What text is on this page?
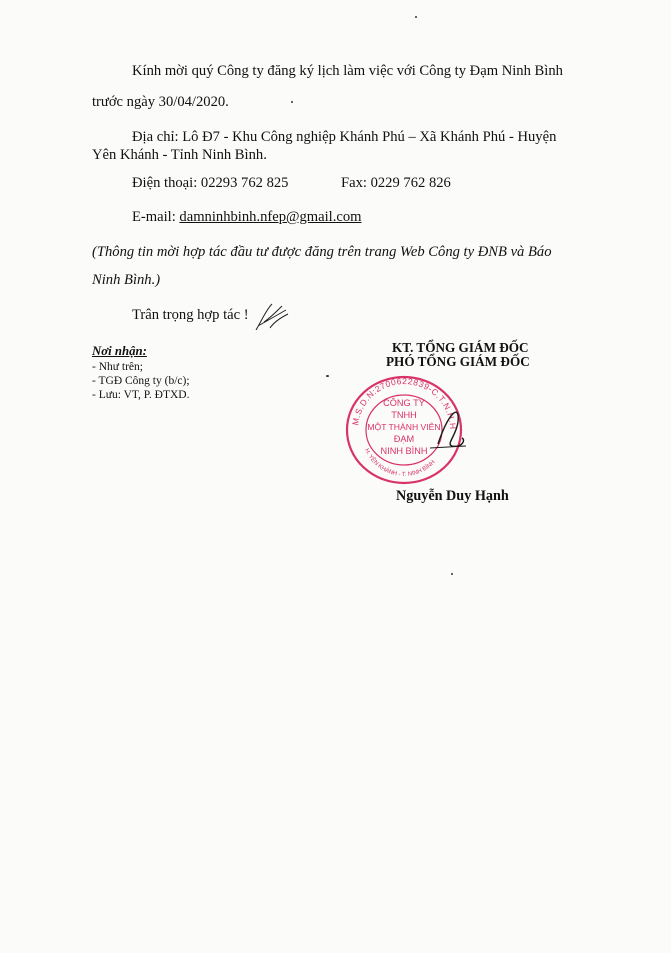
Kính mời quý Công ty đăng ký lịch làm việc với Công ty Đạm Ninh Bình
trước ngày 30/04/2020.
Địa chỉ: Lô Đ7 - Khu Công nghiệp Khánh Phú – Xã Khánh Phú - Huyện
Yên Khánh - Tỉnh Ninh Bình.
Điện thoại: 02293 762 825	Fax: 0229 762 826
E-mail: damninhbinh.nfep@gmail.com
(Thông tin mời hợp tác đầu tư được đăng trên trang Web Công ty ĐNB và Báo
Ninh Bình.)
Trân trọng hợp tác !
Nơi nhận:
- Như trên;
- TGĐ Công ty (b/c);
- Lưu: VT, P. ĐTXD.
KT. TỔNG GIÁM ĐỐC
PHÓ TỔNG GIÁM ĐỐC
M.S.D.N:2700622839-C.T.N.H.H
H. YÊN KHÁNH - T. NINH BÌNH
CÔNG TY
TNHH
MỘT THÀNH VIÊN
ĐẠM
NINH BÌNH
Nguyễn Duy Hạnh
